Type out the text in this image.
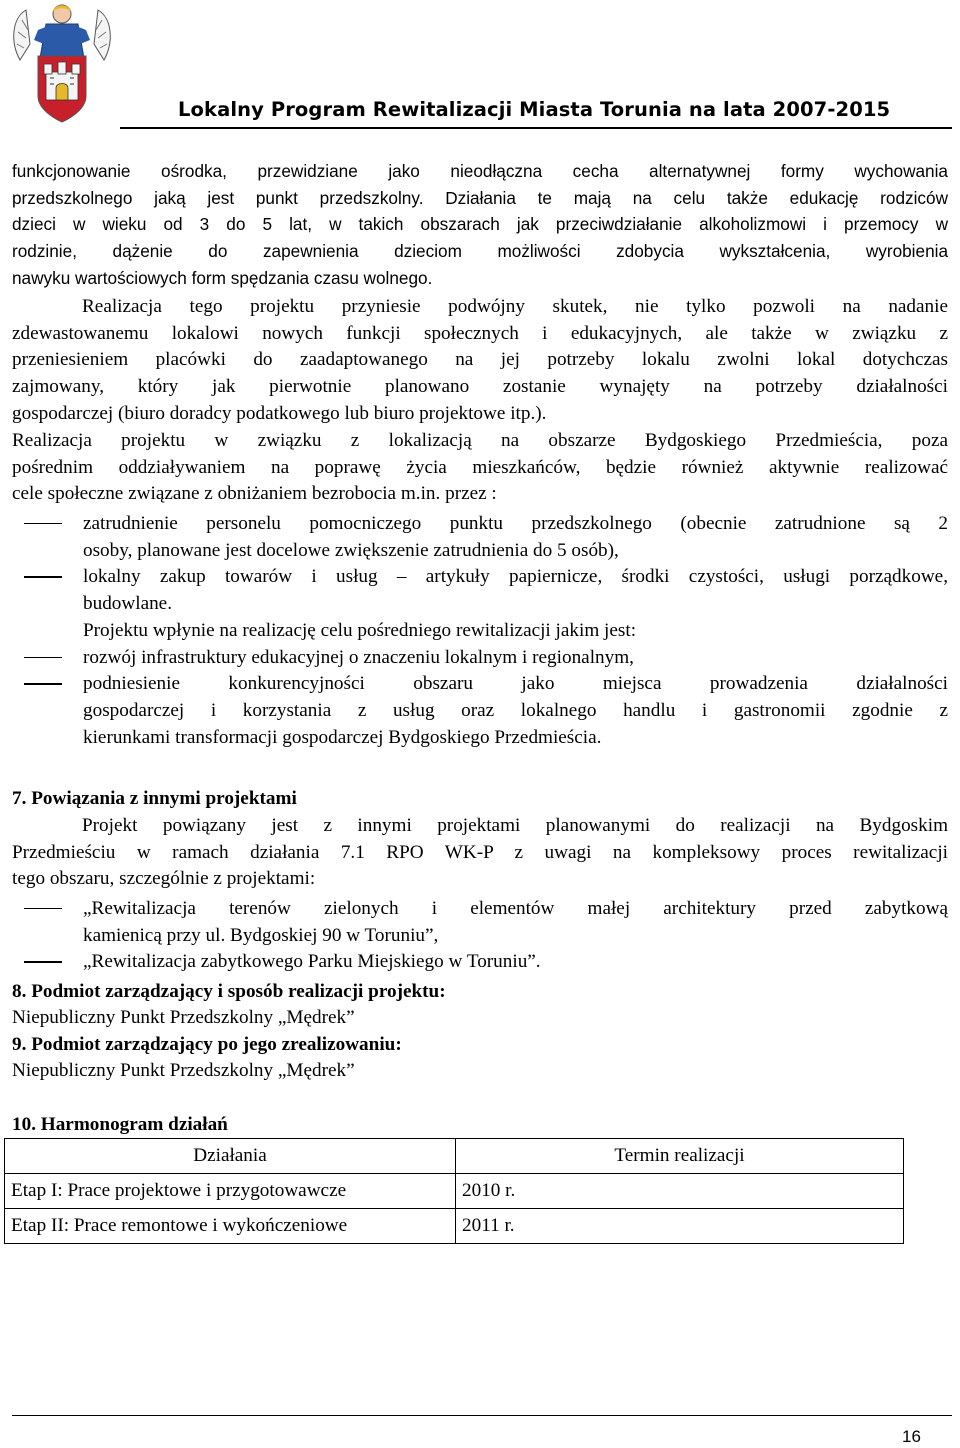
Lokalny Program Rewitalizacji Miasta Torunia na lata 2007-2015
funkcjonowanie ośrodka, przewidziane jako nieodłączna cecha alternatywnej formy wychowania
przedszkolnego jaką jest punkt przedszkolny. Działania te mają na celu także edukację rodziców
dzieci w wieku od 3 do 5 lat, w takich obszarach jak przeciwdziałanie alkoholizmowi i przemocy w
rodzinie, dążenie do zapewnienia dzieciom możliwości zdobycia wykształcenia, wyrobienia
nawyku wartościowych form spędzania czasu wolnego.
Realizacja tego projektu przyniesie podwójny skutek, nie tylko pozwoli na nadanie
zdewastowanemu lokalowi nowych funkcji społecznych i edukacyjnych, ale także w związku z
przeniesieniem placówki do zaadaptowanego na jej potrzeby lokalu zwolni lokal dotychczas
zajmowany, który jak pierwotnie planowano zostanie wynajęty na potrzeby działalności
gospodarczej (biuro doradcy podatkowego lub biuro projektowe itp.).
Realizacja projektu w związku z lokalizacją na obszarze Bydgoskiego Przedmieścia, poza
pośrednim oddziaływaniem na poprawę życia mieszkańców, będzie również aktywnie realizować
cele społeczne związane z obniżaniem bezrobocia m.in. przez :
zatrudnienie personelu pomocniczego punktu przedszkolnego (obecnie zatrudnione są 2
osoby, planowane jest docelowe zwiększenie zatrudnienia do 5 osób),
lokalny zakup towarów i usług – artykuły papiernicze, środki czystości, usługi porządkowe,
budowlane.
Projektu wpłynie na realizację celu pośredniego rewitalizacji jakim jest:
rozwój infrastruktury edukacyjnej o znaczeniu lokalnym i regionalnym,
podniesienie konkurencyjności obszaru jako miejsca prowadzenia działalności
gospodarczej i korzystania z usług oraz lokalnego handlu i gastronomii zgodnie z
kierunkami transformacji gospodarczej Bydgoskiego Przedmieścia.
7. Powiązania z innymi projektami
Projekt powiązany jest z innymi projektami planowanymi do realizacji na Bydgoskim
Przedmieściu w ramach działania 7.1 RPO WK-P z uwagi na kompleksowy proces rewitalizacji
tego obszaru, szczególnie z projektami:
„Rewitalizacja terenów zielonych i elementów małej architektury przed zabytkową
kamienicą przy ul. Bydgoskiej 90 w Toruniu”,
„Rewitalizacja zabytkowego Parku Miejskiego w Toruniu”.
8. Podmiot zarządzający i sposób realizacji projektu:
Niepubliczny Punkt Przedszkolny „Mędrek”
9. Podmiot zarządzający po jego zrealizowaniu:
Niepubliczny Punkt Przedszkolny „Mędrek”
10. Harmonogram działań
Działania	Termin realizacji
Etap I: Prace projektowe i przygotowawcze	2010 r.
Etap II: Prace remontowe i wykończeniowe	2011 r.
16
